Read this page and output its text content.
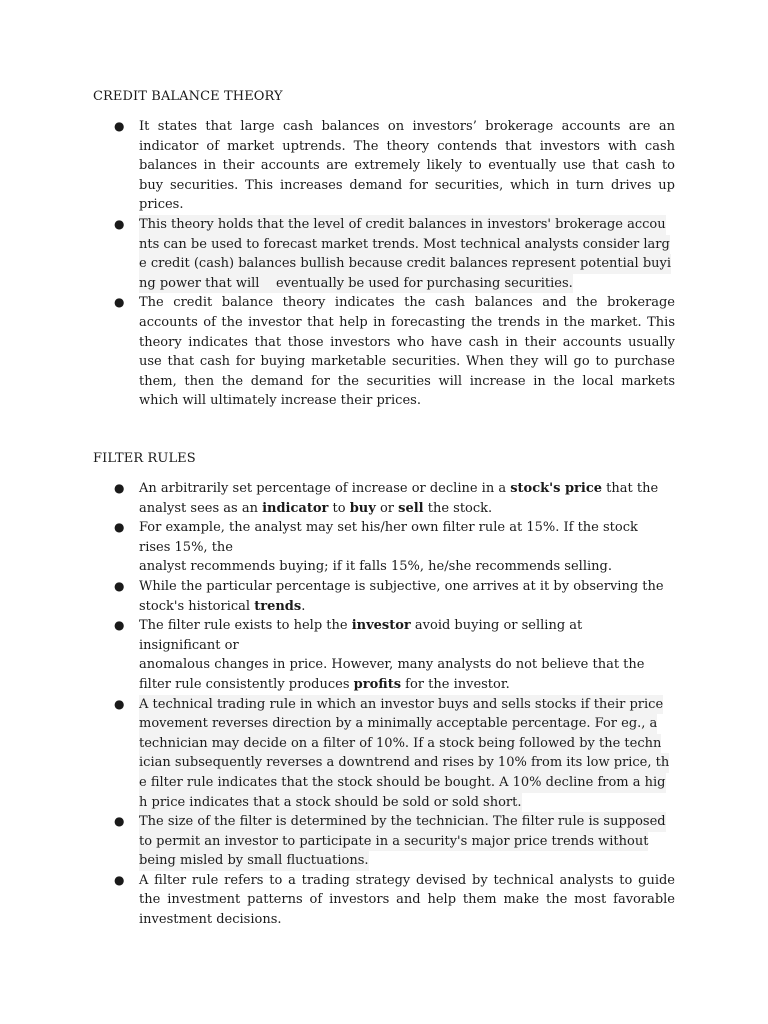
CREDIT BALANCE THEORY
● It states that large cash balances on investors’ brokerage accounts are an
indicator of market uptrends. The theory contends that investors with cash
balances in their accounts are extremely likely to eventually use that cash to
buy securities. This increases demand for securities, which in turn drives up
prices.
● This theory holds that the level of credit balances in investors' brokerage accou
nts can be used to forecast market trends. Most technical analysts consider larg
e credit (cash) balances bullish because credit balances represent potential buyi
ng power that will    eventually be used for purchasing securities.
● The credit balance theory indicates the cash balances and the brokerage
accounts of the investor that help in forecasting the trends in the market. This
theory indicates that those investors who have cash in their accounts usually
use that cash for buying marketable securities. When they will go to purchase
them, then the demand for the securities will increase in the local markets
which will ultimately increase their prices.
FILTER RULES
● An arbitrarily set percentage of increase or decline in a stock's price that the
analyst sees as an indicator to buy or sell the stock.
● For example, the analyst may set his/her own filter rule at 15%. If the stock
rises 15%, the
analyst recommends buying; if it falls 15%, he/she recommends selling.
● While the particular percentage is subjective, one arrives at it by observing the
stock's historical trends.
● The filter rule exists to help the investor avoid buying or selling at
insignificant or
anomalous changes in price. However, many analysts do not believe that the
filter rule consistently produces profits for the investor.
● A technical trading rule in which an investor buys and sells stocks if their price
movement reverses direction by a minimally acceptable percentage. For eg., a
technician may decide on a filter of 10%. If a stock being followed by the techn
ician subsequently reverses a downtrend and rises by 10% from its low price, th
e filter rule indicates that the stock should be bought. A 10% decline from a hig
h price indicates that a stock should be sold or sold short.
● The size of the filter is determined by the technician. The filter rule is supposed
to permit an investor to participate in a security's major price trends without
being misled by small fluctuations.
● A filter rule refers to a trading strategy devised by technical analysts to guide
the investment patterns of investors and help them make the most favorable
investment decisions.
